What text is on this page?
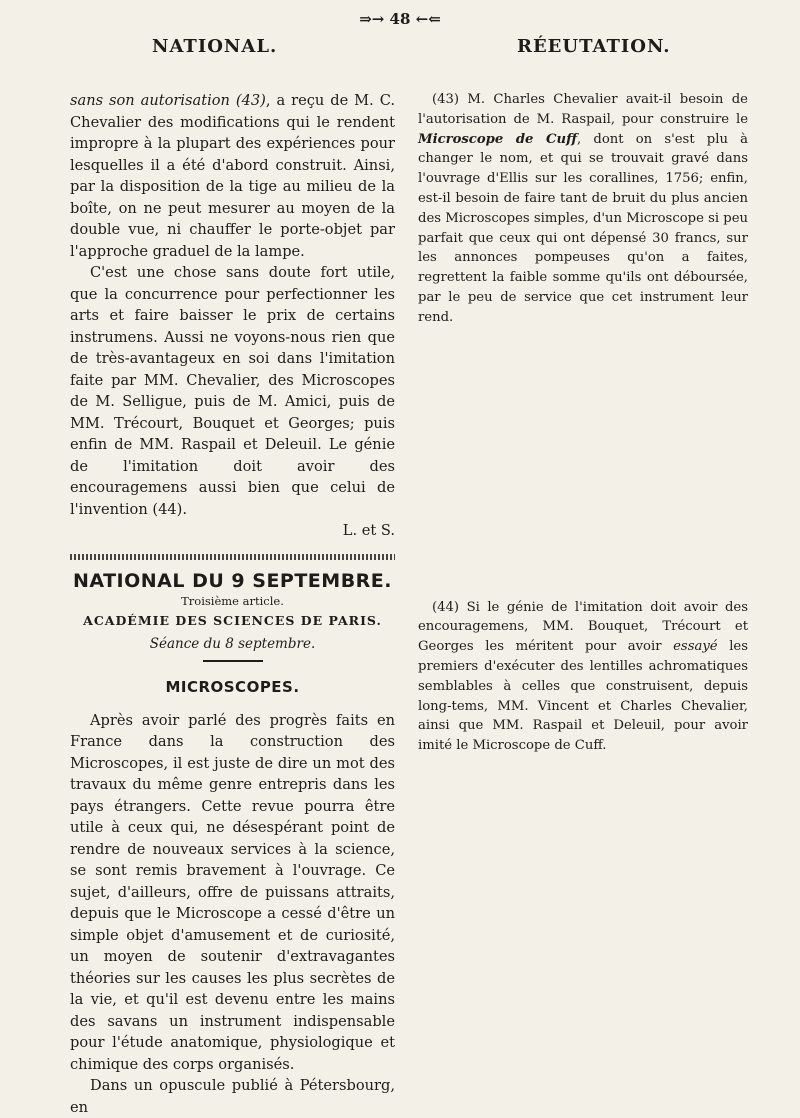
⇒→ 48 ←⇐
NATIONAL.	RÉEUTATION.

sans son autorisation (43), a reçu de M. C. Chevalier des modifications qui le rendent impropre à la plupart des expériences pour lesquelles il a été d'abord construit. Ainsi, par la disposition de la tige au milieu de la boîte, on ne peut mesurer au moyen de la double vue, ni chauffer le porte-objet par l'approche graduel de la lampe.

C'est une chose sans doute fort utile, que la concurrence pour perfectionner les arts et faire baisser le prix de certains instrumens. Aussi ne voyons-nous rien que de très-avantageux en soi dans l'imitation faite par MM. Chevalier, des Microscopes de M. Selligue, puis de M. Amici, puis de MM. Trécourt, Bouquet et Georges; puis enfin de MM. Raspail et Deleuil. Le génie de l'imitation doit avoir des encouragemens aussi bien que celui de l'invention (44).

L. et S.

NATIONAL DU 9 SEPTEMBRE.
Troisième article.
ACADÉMIE DES SCIENCES DE PARIS.
Séance du 8 septembre.
MICROSCOPES.

Après avoir parlé des progrès faits en France dans la construction des Microscopes, il est juste de dire un mot des travaux du même genre entrepris dans les pays étrangers. Cette revue pourra être utile à ceux qui, ne désespérant point de rendre de nouveaux services à la science, se sont remis bravement à l'ouvrage. Ce sujet, d'ailleurs, offre de puissans attraits, depuis que le Microscope a cessé d'être un simple objet d'amusement et de curiosité, un moyen de soutenir d'extravagantes théories sur les causes les plus secrètes de la vie, et qu'il est devenu entre les mains des savans un instrument indispensable pour l'étude anatomique, physiologique et chimique des corps organisés.

Dans un opuscule publié à Pétersbourg, en

(43) M. Charles Chevalier avait-il besoin de l'autorisation de M. Raspail, pour construire le Microscope de Cuff, dont on s'est plu à changer le nom, et qui se trouvait gravé dans l'ouvrage d'Ellis sur les corallines, 1756; enfin, est-il besoin de faire tant de bruit du plus ancien des Microscopes simples, d'un Microscope si peu parfait que ceux qui ont dépensé 30 francs, sur les annonces pompeuses qu'on a faites, regrettent la faible somme qu'ils ont déboursée, par le peu de service que cet instrument leur rend.

(44) Si le génie de l'imitation doit avoir des encouragemens, MM. Bouquet, Trécourt et Georges les méritent pour avoir essayé les premiers d'exécuter des lentilles achromatiques semblables à celles que construisent, depuis long-tems, MM. Vincent et Charles Chevalier, ainsi que MM. Raspail et Deleuil, pour avoir imité le Microscope de Cuff.
